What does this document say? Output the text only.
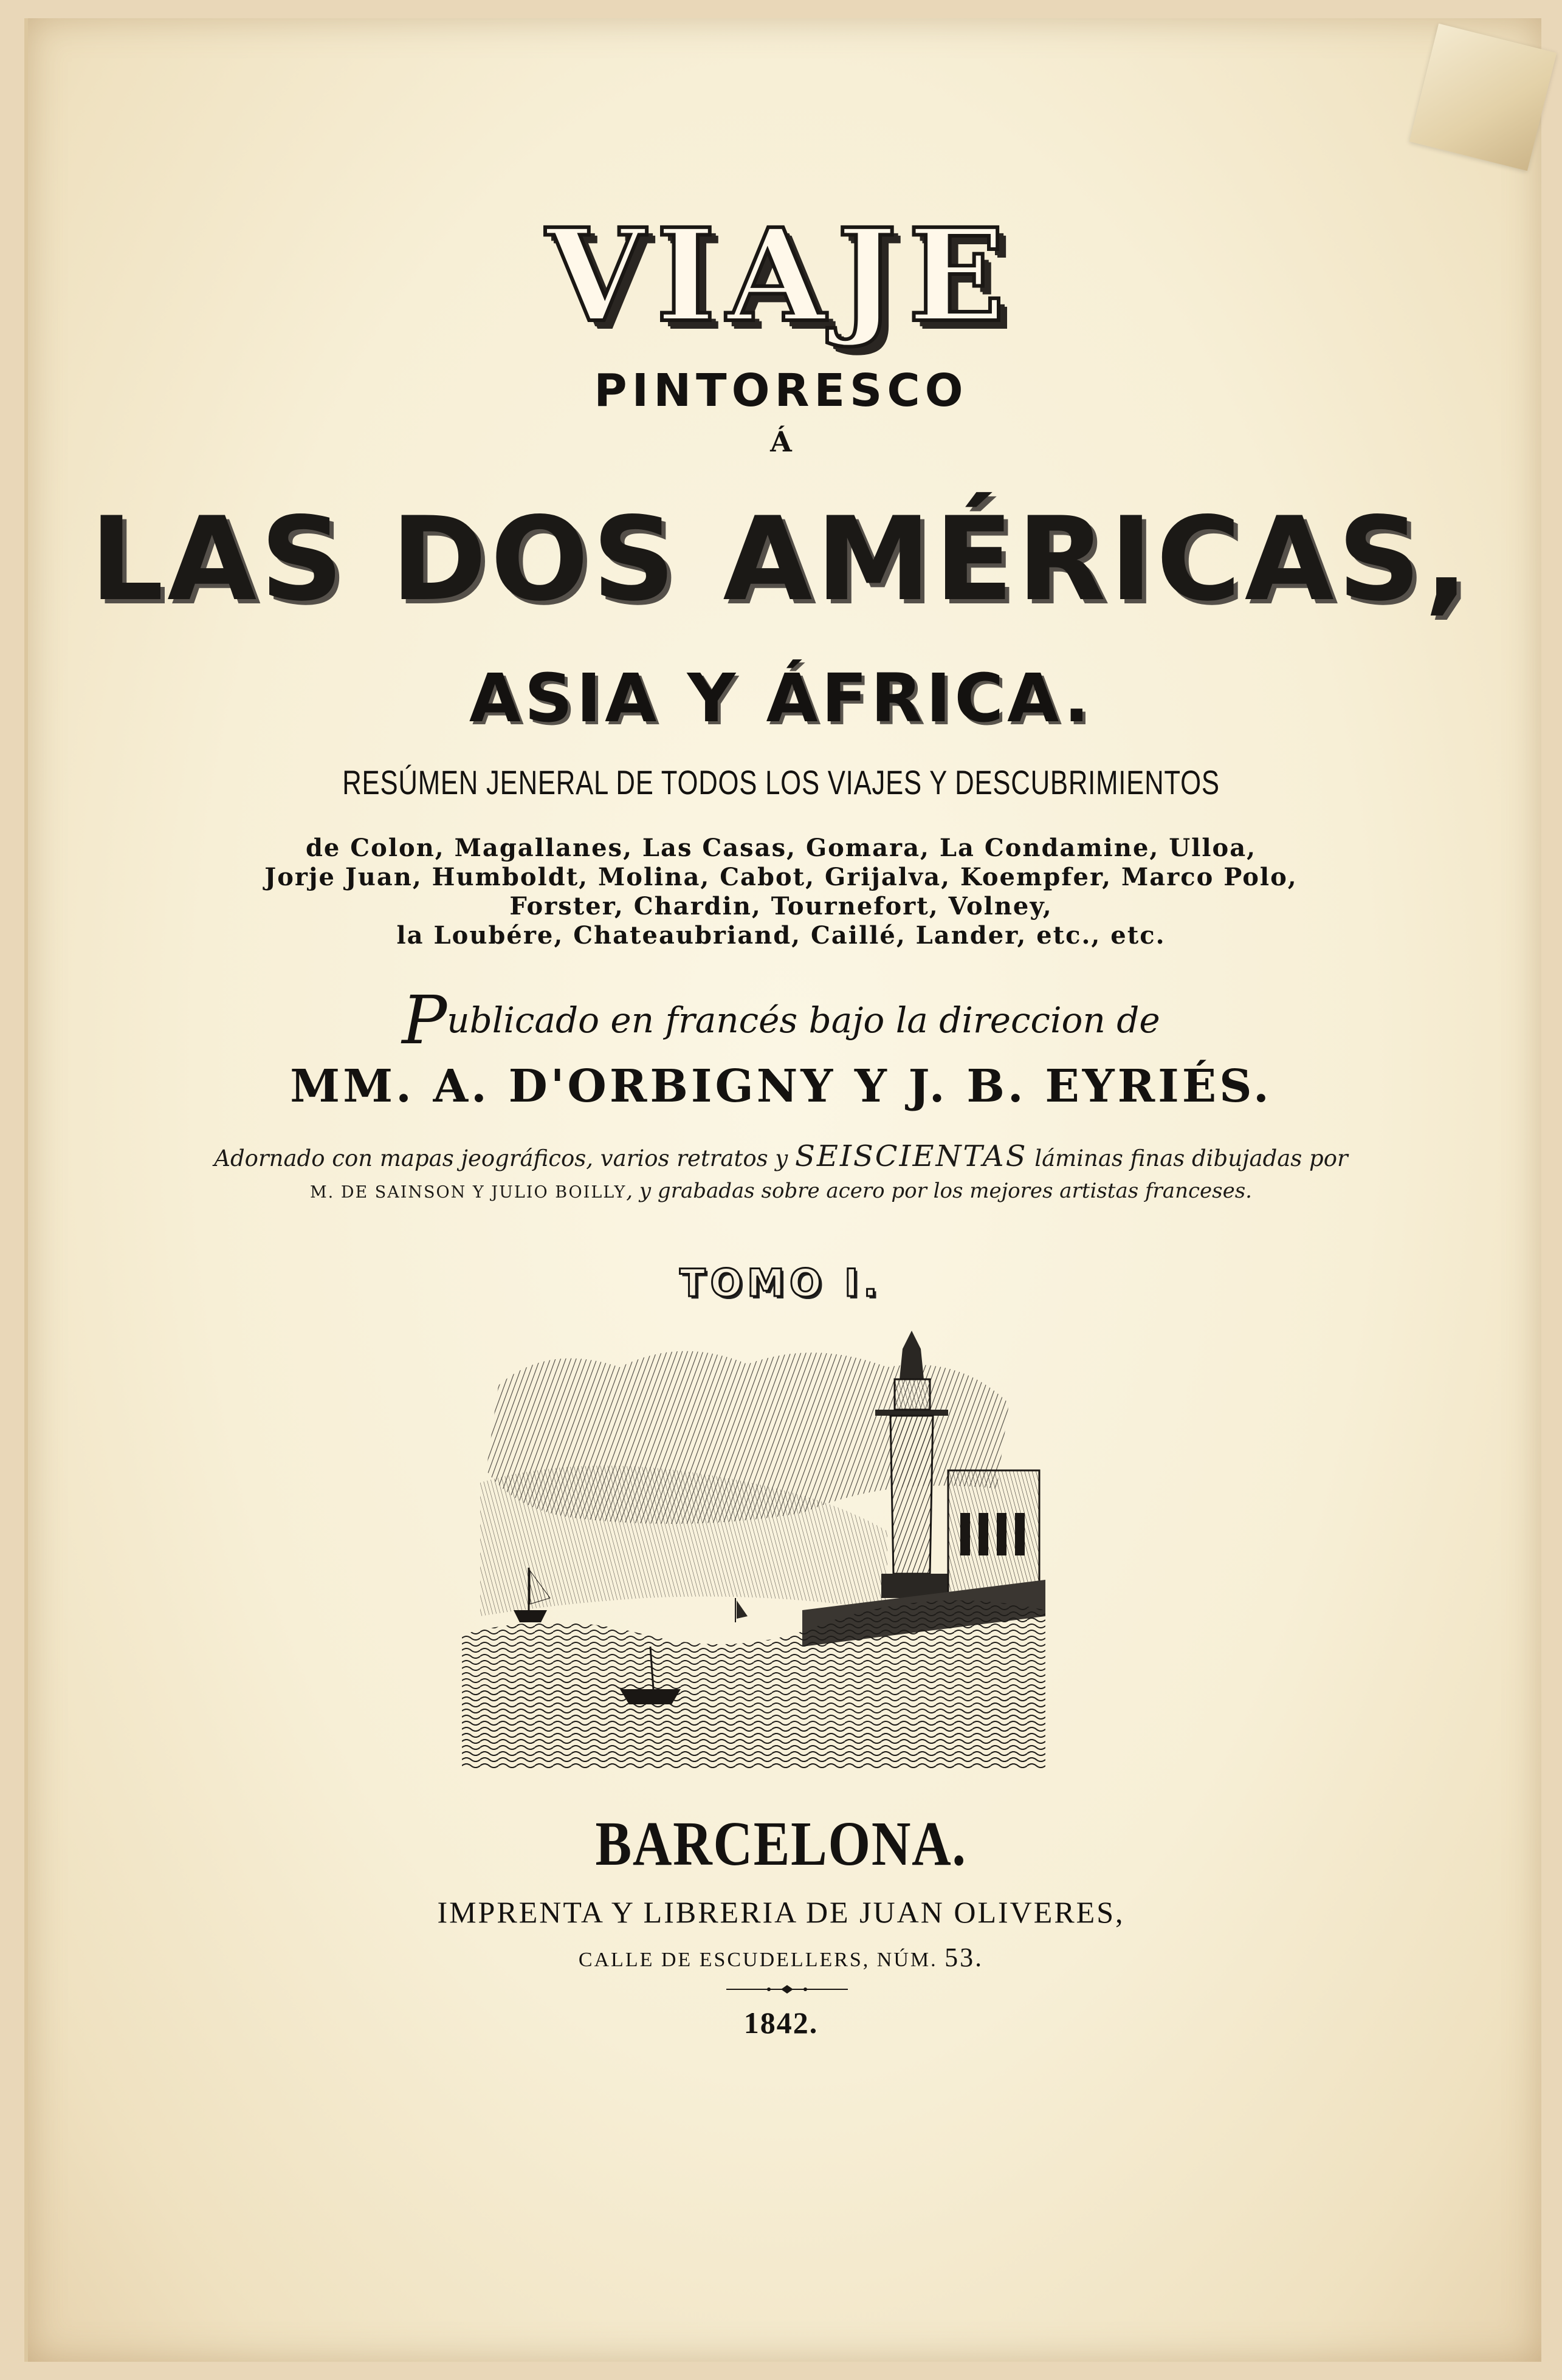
VIAJE
PINTORESCO
Á
LAS DOS AMÉRICAS,
ASIA Y ÁFRICA.
RESÚMEN JENERAL DE TODOS LOS VIAJES Y DESCUBRIMIENTOS
de Colon, Magallanes, Las Casas, Gomara, La Condamine, Ulloa,
Jorje Juan, Humboldt, Molina, Cabot, Grijalva, Koempfer, Marco Polo,
Forster, Chardin, Tournefort, Volney,
la Loubére, Chateaubriand, Caillé, Lander, etc., etc.
Publicado en francés bajo la direccion de
MM. A. D'ORBIGNY Y J. B. EYRIÉS.
Adornado con mapas jeográficos, varios retratos y SEISCIENTAS láminas finas dibujadas por
M. DE SAINSON Y JULIO BOILLY, y grabadas sobre acero por los mejores artistas franceses.
TOMO I.
BARCELONA.
IMPRENTA Y LIBRERIA DE JUAN OLIVERES,
CALLE DE ESCUDELLERS, NÚM. 53.
1842.
